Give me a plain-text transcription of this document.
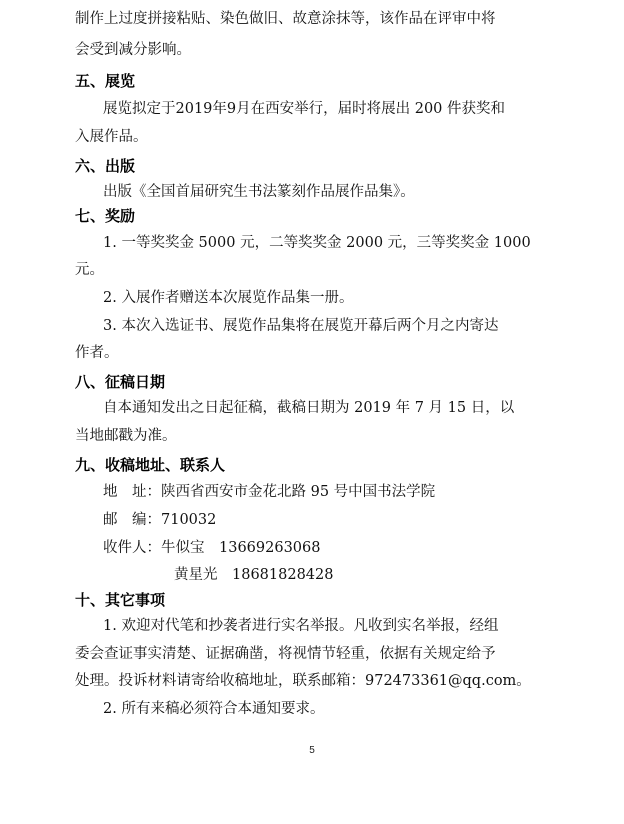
制作上过度拼接粘贴、染色做旧、故意涂抹等，该作品在评审中将
会受到减分影响。
五、展览
展览拟定于2019年9月在西安举行，届时将展出 200 件获奖和
入展作品。
六、出版
出版《全国首届研究生书法篆刻作品展作品集》。
七、奖励
1. 一等奖奖金 5000 元，二等奖奖金 2000 元，三等奖奖金 1000
元。
2. 入展作者赠送本次展览作品集一册。
3. 本次入选证书、展览作品集将在展览开幕后两个月之内寄达
作者。
八、征稿日期
自本通知发出之日起征稿，截稿日期为 2019 年 7 月 15 日，以
当地邮戳为准。
九、收稿地址、联系人
地　址：陕西省西安市金花北路 95 号中国书法学院
邮　编：710032
收件人：牛似宝　13669263068
黄星光　18681828428
十、其它事项
1. 欢迎对代笔和抄袭者进行实名举报。凡收到实名举报，经组
委会查证事实清楚、证据确凿，将视情节轻重，依据有关规定给予
处理。投诉材料请寄给收稿地址，联系邮箱：972473361@qq.com。
2. 所有来稿必须符合本通知要求。
5
